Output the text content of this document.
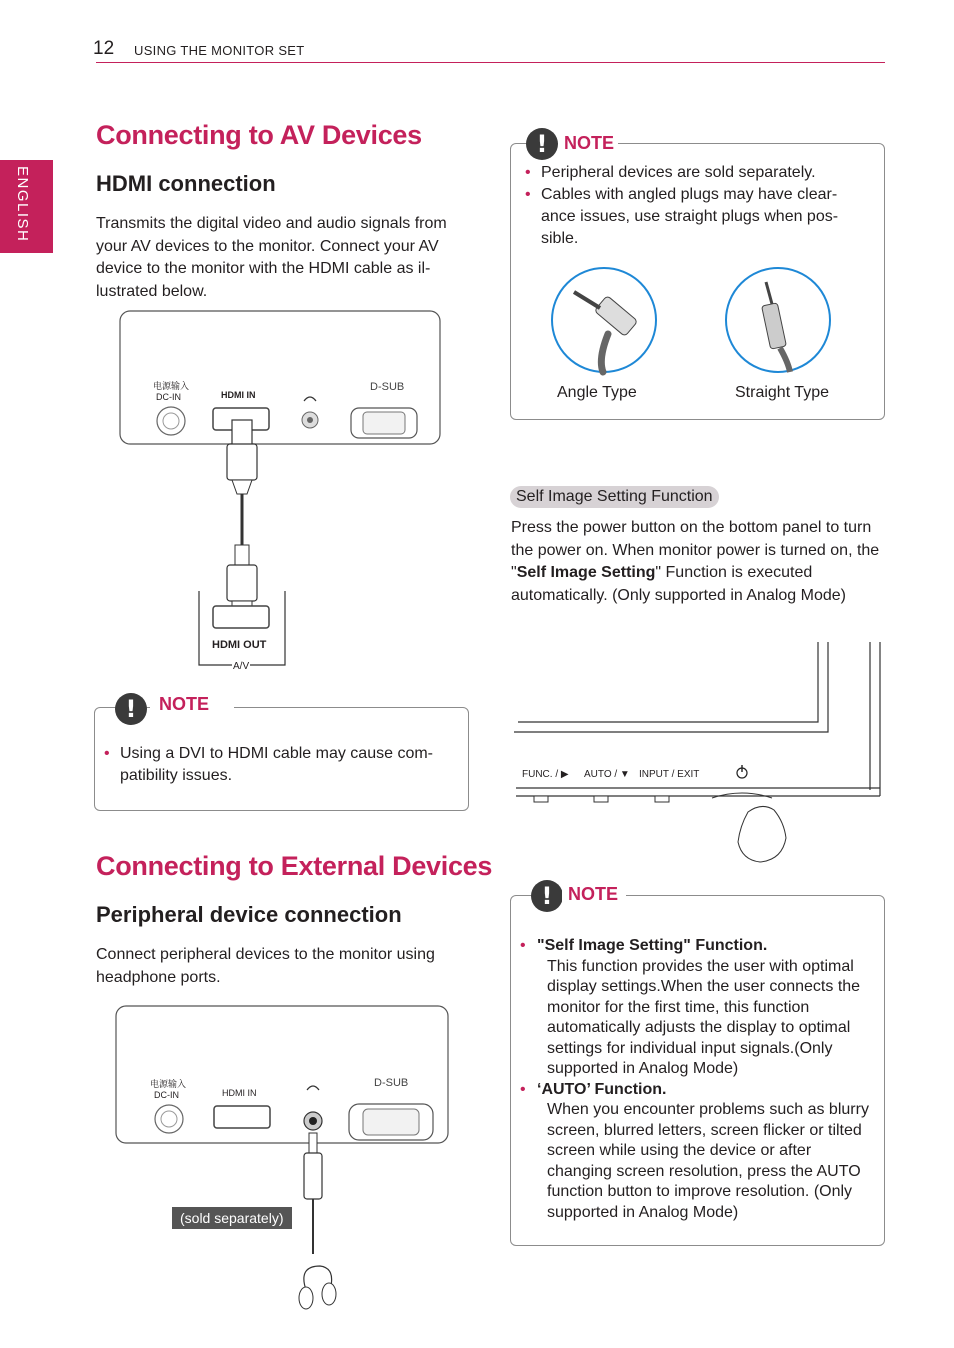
12 USING THE MONITOR SET
ENGLISH
Connecting to AV Devices
HDMI connection
Transmits the digital video and audio signals from your AV devices to the monitor. Connect your AV device to the monitor with the HDMI cable as il-lustrated below.
电源输入
DC-IN	HDMI IN
D-SUB
HDMI OUT
A/V
!	NOTE
• Using a DVI to HDMI cable may cause com-patibility issues.
Connecting to External Devices
Peripheral device connection
Connect peripheral devices to the monitor using headphone ports.
电源输入
DC-IN	HDMI IN
D-SUB
(sold separately)
! NOTE
• Peripheral devices are sold separately.
• Cables with angled plugs may have clear-ance issues, use straight plugs when pos-sible.
Angle Type	Straight Type
Self Image Setting Function

Press the power button on the bottom panel to turn the power on. When monitor power is turned on, the "Self Image Setting" Function is executed automatically. (Only supported in Analog Mode)

FUNC. / ▶ AUTO / ▼ INPUT / EXIT
! NOTE
• "Self Image Setting" Function.
This function provides the user with optimal display settings.When the user connects the monitor for the first time, this function automatically adjusts the display to optimal settings for individual input signals.(Only supported in Analog Mode)
• ‘AUTO’ Function.
When you encounter problems such as blurry screen, blurred letters, screen flicker or tilted screen while using the device or after changing screen resolution, press the AUTO function button to improve resolution. (Only supported in Analog Mode)
